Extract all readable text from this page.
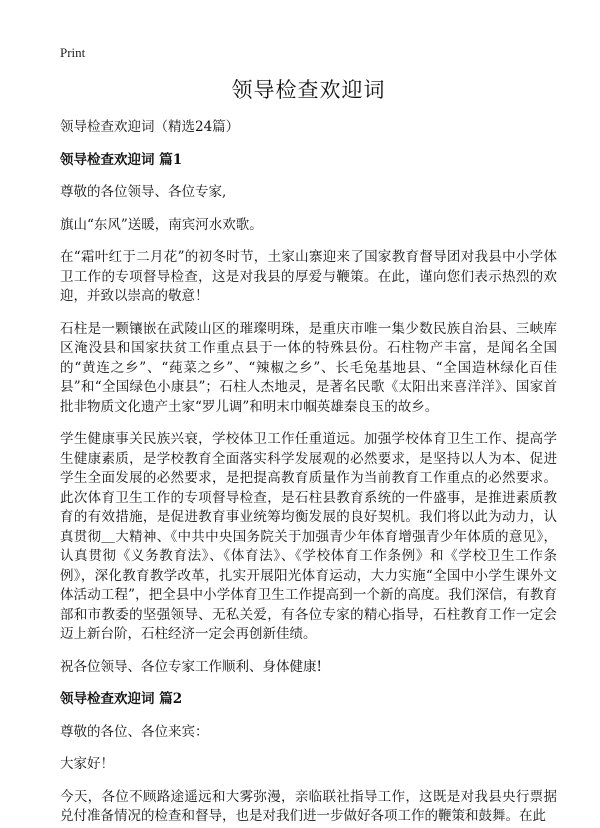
Print
领导检查欢迎词

领导检查欢迎词（精选24篇）

领导检查欢迎词 篇1

尊敬的各位领导、各位专家,

旗山“东风”送暖，南宾河水欢歌。

在“霜叶红于二月花”的初冬时节，土家山寨迎来了国家教育督导团对我县中小学体卫工作的专项督导检查，这是对我县的厚爱与鞭策。在此，谨向您们表示热烈的欢迎，并致以崇高的敬意！

石柱是一颗镶嵌在武陵山区的璀璨明珠，是重庆市唯一集少数民族自治县、三峡库区淹没县和国家扶贫工作重点县于一体的特殊县份。石柱物产丰富，是闻名全国的“黄连之乡”、“莼菜之乡”、“辣椒之乡”、长毛兔基地县、“全国造林绿化百佳县”和“全国绿色小康县”；石柱人杰地灵，是著名民歌《太阳出来喜洋洋》、国家首批非物质文化遗产土家“罗儿调”和明末巾帼英雄秦良玉的故乡。

学生健康事关民族兴衰，学校体卫工作任重道远。加强学校体育卫生工作、提高学生健康素质，是学校教育全面落实科学发展观的必然要求，是坚持以人为本、促进学生全面发展的必然要求，是把提高教育质量作为当前教育工作重点的必然要求。此次体育卫生工作的专项督导检查，是石柱县教育系统的一件盛事，是推进素质教育的有效措施，是促进教育事业统筹均衡发展的良好契机。我们将以此为动力，认真贯彻＿大精神、《中共中央国务院关于加强青少年体育增强青少年体质的意见》，认真贯彻《义务教育法》、《体育法》、《学校体育工作条例》和《学校卫生工作条例》，深化教育教学改革，扎实开展阳光体育运动，大力实施“全国中小学生课外文体活动工程”，把全县中小学体育卫生工作提高到一个新的高度。我们深信，有教育部和市教委的坚强领导、无私关爱，有各位专家的精心指导，石柱教育工作一定会迈上新台阶，石柱经济一定会再创新佳绩。

祝各位领导、各位专家工作顺利、身体健康!

领导检查欢迎词 篇2

尊敬的各位、各位来宾：

大家好！

今天，各位不顾路途遥远和大雾弥漫，亲临联社指导工作，这既是对我县央行票据兑付准备情况的检查和督导，也是对我们进一步做好各项工作的鞭策和鼓舞。在此
